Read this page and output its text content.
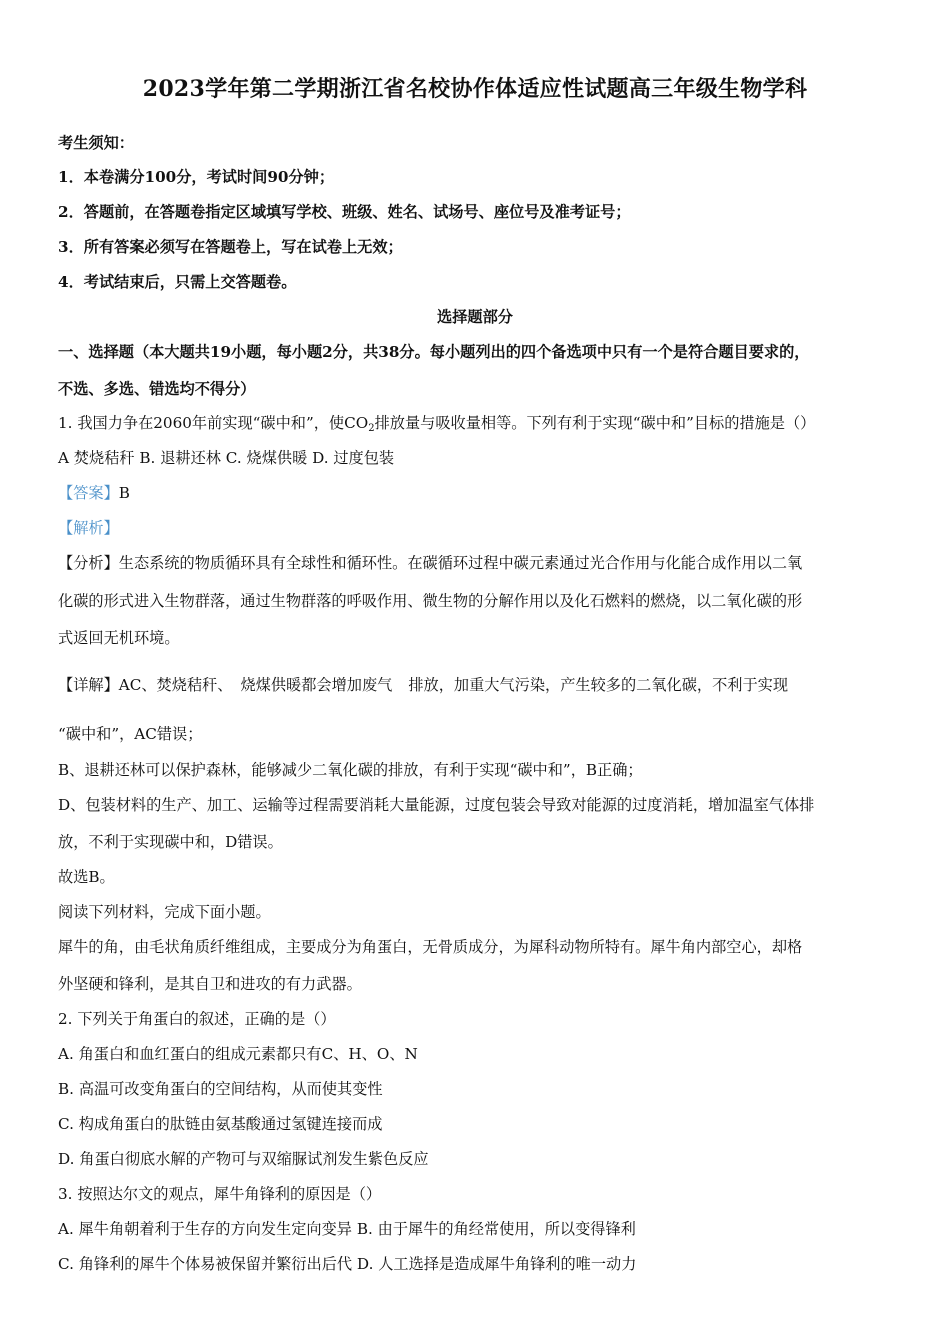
2023学年第二学期浙江省名校协作体适应性试题高三年级生物学科
考生须知：
1．本卷满分100分，考试时间90分钟；
2．答题前，在答题卷指定区域填写学校、班级、姓名、试场号、座位号及准考证号；
3．所有答案必须写在答题卷上，写在试卷上无效；
4．考试结束后，只需上交答题卷。
选择题部分
一、选择题（本大题共19小题，每小题2分，共38分。每小题列出的四个备选项中只有一个是符合题目要求的，
不选、多选、错选均不得分）
1. 我国力争在2060年前实现“碳中和”，使$CO_2$排放量与吸收量相等。下列有利于实现“碳中和”目标的措施是（）
A 焚烧秸秆 B. 退耕还林 C. 烧煤供暖 D. 过度包装
【答案】B
【解析】
【分析】生态系统的物质循环具有全球性和循环性。在碳循环过程中碳元素通过光合作用与化能合成作用以二氧
化碳的形式进入生物群落，通过生物群落的呼吸作用、微生物的分解作用以及化石燃料的燃烧，以二氧化碳的形
式返回无机环境。
【详解】AC、焚烧秸秆、 烧煤供暖都会增加废气 排放，加重大气污染，产生较多的二氧化碳，不利于实现
“碳中和”，AC错误；
B、退耕还林可以保护森林，能够减少二氧化碳的排放，有利于实现“碳中和”，B正确；
D、包装材料的生产、加工、运输等过程需要消耗大量能源，过度包装会导致对能源的过度消耗，增加温室气体排
放，不利于实现碳中和，D错误。
故选B。
阅读下列材料，完成下面小题。
犀牛的角，由毛状角质纤维组成，主要成分为角蛋白，无骨质成分，为犀科动物所特有。犀牛角内部空心，却格
外坚硬和锋利，是其自卫和进攻的有力武器。
2. 下列关于角蛋白的叙述，正确的是（）
A. 角蛋白和血红蛋白的组成元素都只有C、H、O、N
B. 高温可改变角蛋白的空间结构，从而使其变性
C. 构成角蛋白的肽链由氨基酸通过氢键连接而成
D. 角蛋白彻底水解的产物可与双缩脲试剂发生紫色反应
3. 按照达尔文的观点，犀牛角锋利的原因是（）
A. 犀牛角朝着利于生存的方向发生定向变异 B. 由于犀牛的角经常使用，所以变得锋利
C. 角锋利的犀牛个体易被保留并繁衍出后代 D. 人工选择是造成犀牛角锋利的唯一动力
